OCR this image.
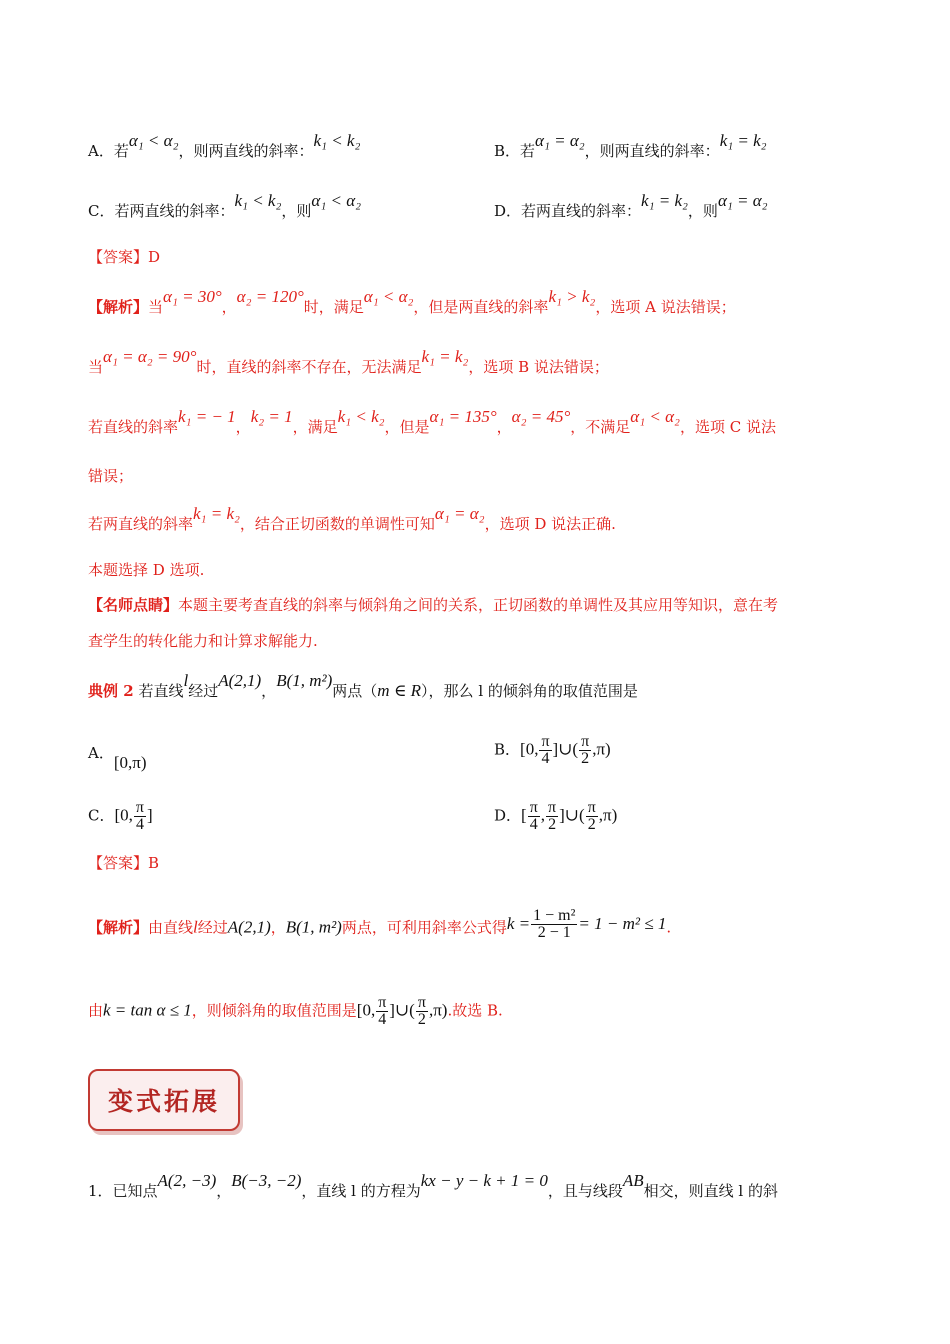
A．若α₁ < α₂，则两直线的斜率：k₁ < k₂
B．若α₁ = α₂，则两直线的斜率：k₁ = k₂
C．若两直线的斜率：k₁ < k₂，则α₁ < α₂
D．若两直线的斜率：k₁ = k₂，则α₁ = α₂
【答案】D
【解析】当α₁ = 30°，α₂ = 120°时，满足α₁ < α₂，但是两直线的斜率k₁ > k₂，选项 A 说法错误；
当α₁ = α₂ = 90°时，直线的斜率不存在，无法满足k₁ = k₂，选项 B 说法错误；
若直线的斜率k₁ = − 1，k₂ = 1，满足k₁ < k₂，但是α₁ = 135°，α₂ = 45°，不满足α₁ < α₂，选项 C 说法
错误；
若两直线的斜率k₁ = k₂，结合正切函数的单调性可知α₁ = α₂，选项 D 说法正确.
本题选择 D 选项.
【名师点睛】本题主要考查直线的斜率与倾斜角之间的关系，正切函数的单调性及其应用等知识，意在考
查学生的转化能力和计算求解能力.
典例 2 若直线l经过A(2,1)，B(1, m²)两点（m ∈ R），那么 l 的倾斜角的取值范围是
A．[0,π)
B．[0, $\frac{\pi}{4}$ ]∪( $\frac{\pi}{2} ,\pi$)
C．[0, $\frac{\pi}{4}$ ]	D．[ $\frac{\pi}{4}$ , $\frac{\pi}{2}$ ]∪( $\frac{\pi}{2} ,\pi$)
【答案】B
【解析】由直线l经过A(2,1)，B(1, m²)两点，可利用斜率公式得$k = \frac{\text{1 − m²}}{2 - 1} = 1 - m^2 \le 1$.
由k = tan α ≤ 1，则倾斜角的取值范围是[0, $\frac{\pi}{4}$ ]∪( $\frac{\pi}{2} ,\pi$).故选 B.
变式拓展
1．已知点A(2, −3)，B(−3, −2)，直线 l 的方程为kx − y − k + 1 = 0，且与线段AB相交，则直线 l 的斜
